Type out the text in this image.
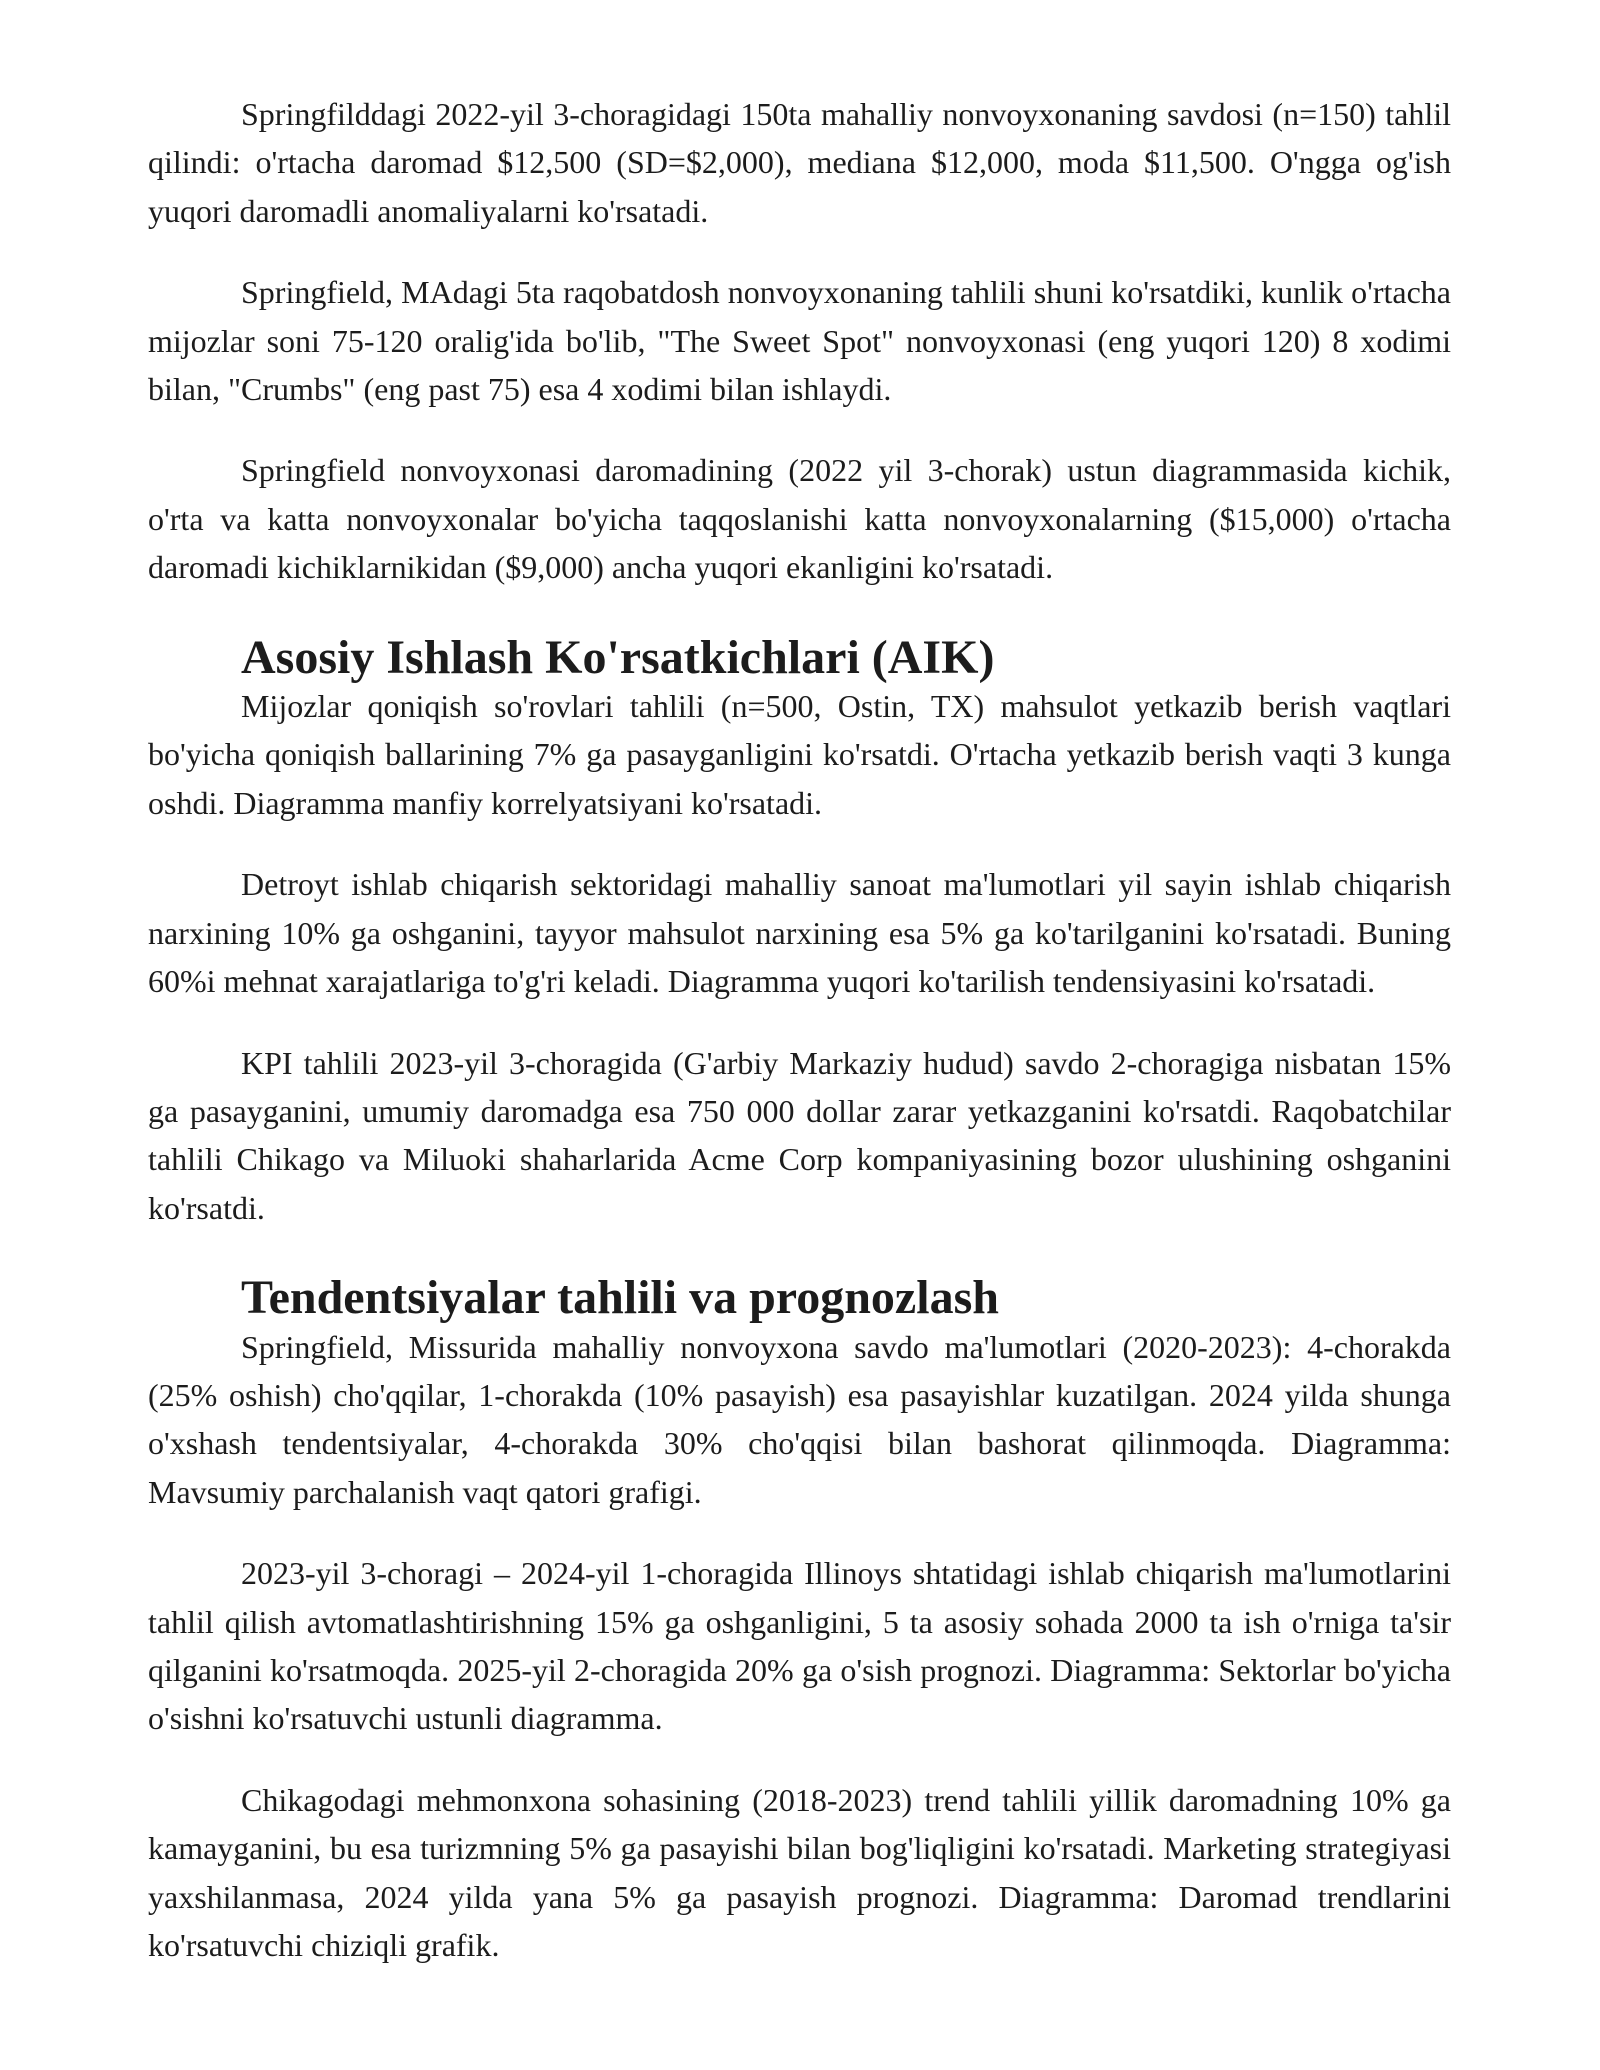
Springfilddagi 2022-yil 3-choragidagi 150ta mahalliy nonvoyxonaning savdosi (n=150) tahlil qilindi: o'rtacha daromad $12,500 (SD=$2,000), mediana $12,000, moda $11,500. O'ngga og'ish yuqori daromadli anomaliyalarni ko'rsatadi.

Springfield, MAdagi 5ta raqobatdosh nonvoyxonaning tahlili shuni ko'rsatdiki, kunlik o'rtacha mijozlar soni 75-120 oralig'ida bo'lib, "The Sweet Spot" nonvoyxonasi (eng yuqori 120) 8 xodimi bilan, "Crumbs" (eng past 75) esa 4 xodimi bilan ishlaydi.

Springfield nonvoyxonasi daromadining (2022 yil 3-chorak) ustun diagrammasida kichik, o'rta va katta nonvoyxonalar bo'yicha taqqoslanishi katta nonvoyxonalarning ($15,000) o'rtacha daromadi kichiklarnikidan ($9,000) ancha yuqori ekanligini ko'rsatadi.

Asosiy Ishlash Ko'rsatkichlari (AIK)

Mijozlar qoniqish so'rovlari tahlili (n=500, Ostin, TX) mahsulot yetkazib berish vaqtlari bo'yicha qoniqish ballarining 7% ga pasayganligini ko'rsatdi. O'rtacha yetkazib berish vaqti 3 kunga oshdi. Diagramma manfiy korrelyatsiyani ko'rsatadi.

Detroyt ishlab chiqarish sektoridagi mahalliy sanoat ma'lumotlari yil sayin ishlab chiqarish narxining 10% ga oshganini, tayyor mahsulot narxining esa 5% ga ko'tarilganini ko'rsatadi. Buning 60%i mehnat xarajatlariga to'g'ri keladi. Diagramma yuqori ko'tarilish tendensiyasini ko'rsatadi.

KPI tahlili 2023-yil 3-choragida (G'arbiy Markaziy hudud) savdo 2-choragiga nisbatan 15% ga pasayganini, umumiy daromadga esa 750 000 dollar zarar yetkazganini ko'rsatdi. Raqobatchilar tahlili Chikago va Miluoki shaharlarida Acme Corp kompaniyasining bozor ulushining oshganini ko'rsatdi.

Tendentsiyalar tahlili va prognozlash

Springfield, Missurida mahalliy nonvoyxona savdo ma'lumotlari (2020-2023): 4-chorakda (25% oshish) cho'qqilar, 1-chorakda (10% pasayish) esa pasayishlar kuzatilgan. 2024 yilda shunga o'xshash tendentsiyalar, 4-chorakda 30% cho'qqisi bilan bashorat qilinmoqda. Diagramma: Mavsumiy parchalanish vaqt qatori grafigi.

2023-yil 3-choragi – 2024-yil 1-choragida Illinoys shtatidagi ishlab chiqarish ma'lumotlarini tahlil qilish avtomatlashtirishning 15% ga oshganligini, 5 ta asosiy sohada 2000 ta ish o'rniga ta'sir qilganini ko'rsatmoqda. 2025-yil 2-choragida 20% ga o'sish prognozi. Diagramma: Sektorlar bo'yicha o'sishni ko'rsatuvchi ustunli diagramma.

Chikagodagi mehmonxona sohasining (2018-2023) trend tahlili yillik daromadning 10% ga kamayganini, bu esa turizmning 5% ga pasayishi bilan bog'liqligini ko'rsatadi. Marketing strategiyasi yaxshilanmasa, 2024 yilda yana 5% ga pasayish prognozi. Diagramma: Daromad trendlarini ko'rsatuvchi chiziqli grafik.
